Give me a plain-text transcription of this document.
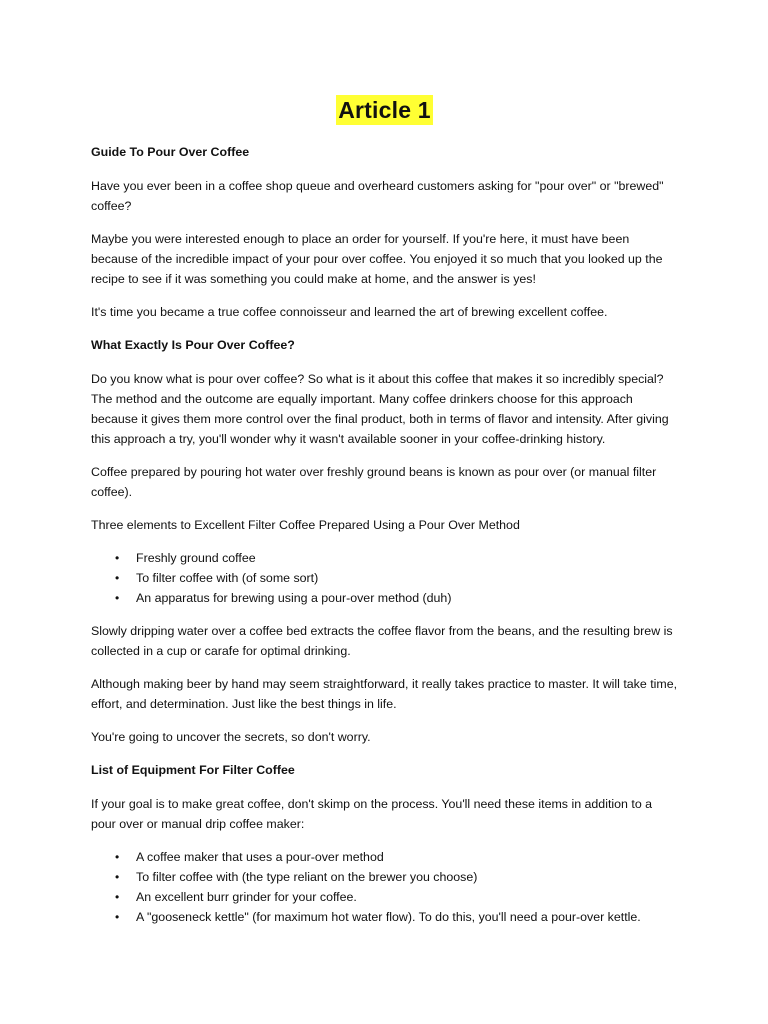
Article 1
Guide To Pour Over Coffee
Have you ever been in a coffee shop queue and overheard customers asking for "pour over" or "brewed" coffee?
Maybe you were interested enough to place an order for yourself. If you're here, it must have been because of the incredible impact of your pour over coffee. You enjoyed it so much that you looked up the recipe to see if it was something you could make at home, and the answer is yes!
It's time you became a true coffee connoisseur and learned the art of brewing excellent coffee.
What Exactly Is Pour Over Coffee?
Do you know what is pour over coffee? So what is it about this coffee that makes it so incredibly special? The method and the outcome are equally important. Many coffee drinkers choose for this approach because it gives them more control over the final product, both in terms of flavor and intensity. After giving this approach a try, you'll wonder why it wasn't available sooner in your coffee-drinking history.
Coffee prepared by pouring hot water over freshly ground beans is known as pour over (or manual filter coffee).
Three elements to Excellent Filter Coffee Prepared Using a Pour Over Method
• Freshly ground coffee
• To filter coffee with (of some sort)
• An apparatus for brewing using a pour-over method (duh)
Slowly dripping water over a coffee bed extracts the coffee flavor from the beans, and the resulting brew is collected in a cup or carafe for optimal drinking.
Although making beer by hand may seem straightforward, it really takes practice to master. It will take time, effort, and determination. Just like the best things in life.
You're going to uncover the secrets, so don't worry.
List of Equipment For Filter Coffee
If your goal is to make great coffee, don't skimp on the process. You'll need these items in addition to a pour over or manual drip coffee maker:
• A coffee maker that uses a pour-over method
• To filter coffee with (the type reliant on the brewer you choose)
• An excellent burr grinder for your coffee.
• A "gooseneck kettle" (for maximum hot water flow). To do this, you'll need a pour-over kettle.
